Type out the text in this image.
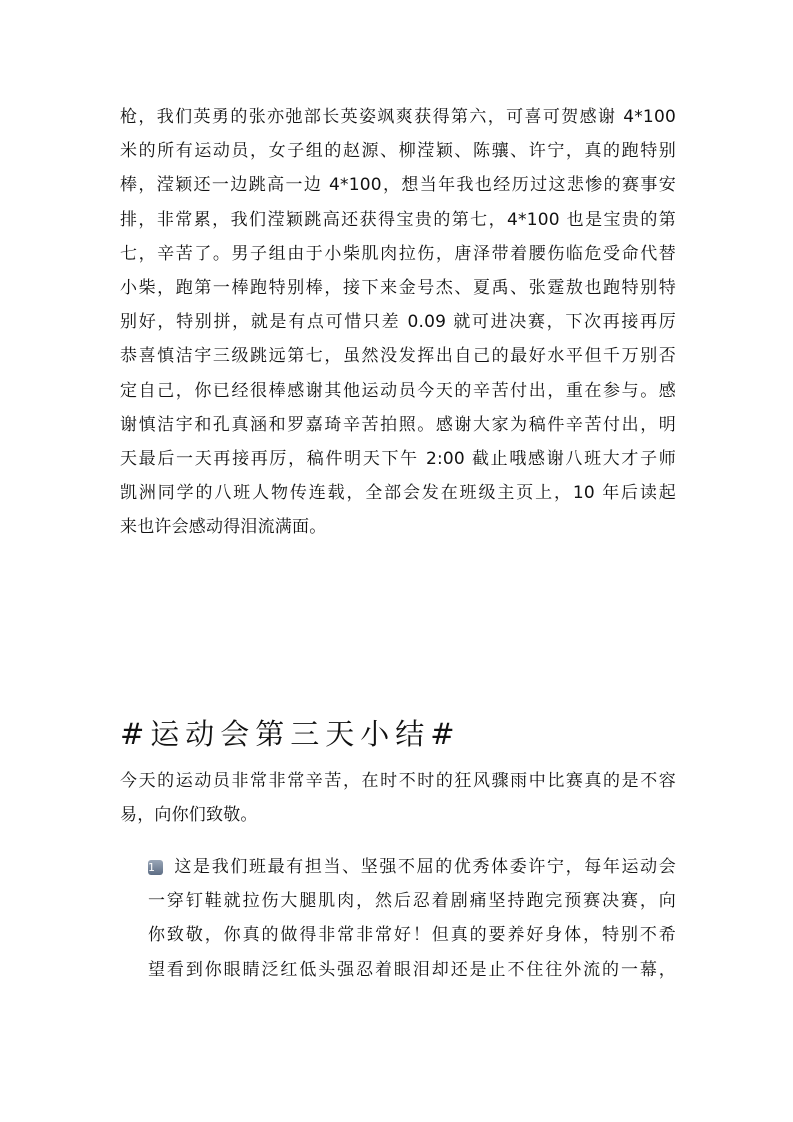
枪，我们英勇的张亦弛部长英姿飒爽获得第六，可喜可贺感谢 4*100
米的所有运动员，女子组的赵源、柳滢颖、陈骧、许宁，真的跑特别
棒，滢颖还一边跳高一边 4*100，想当年我也经历过这悲惨的赛事安
排，非常累，我们滢颖跳高还获得宝贵的第七，4*100 也是宝贵的第
七，辛苦了。男子组由于小柴肌肉拉伤，唐泽带着腰伤临危受命代替
小柴，跑第一棒跑特别棒，接下来金号杰、夏禹、张霆敖也跑特别特
别好，特别拼，就是有点可惜只差 0.09 就可进决赛，下次再接再厉
恭喜慎洁宇三级跳远第七，虽然没发挥出自己的最好水平但千万别否
定自己，你已经很棒感谢其他运动员今天的辛苦付出，重在参与。感
谢慎洁宇和孔真涵和罗嘉琦辛苦拍照。感谢大家为稿件辛苦付出，明
天最后一天再接再厉，稿件明天下午 2:00 截止哦感谢八班大才子师
凯洲同学的八班人物传连载，全部会发在班级主页上，10 年后读起
来也许会感动得泪流满面。
#运动会第三天小结#
今天的运动员非常非常辛苦，在时不时的狂风骤雨中比赛真的是不容
易，向你们致敬。
1 这是我们班最有担当、坚强不屈的优秀体委许宁，每年运动会
一穿钉鞋就拉伤大腿肌肉，然后忍着剧痛坚持跑完预赛决赛，向
你致敬，你真的做得非常非常好！但真的要养好身体，特别不希
望看到你眼睛泛红低头强忍着眼泪却还是止不住往外流的一幕，
